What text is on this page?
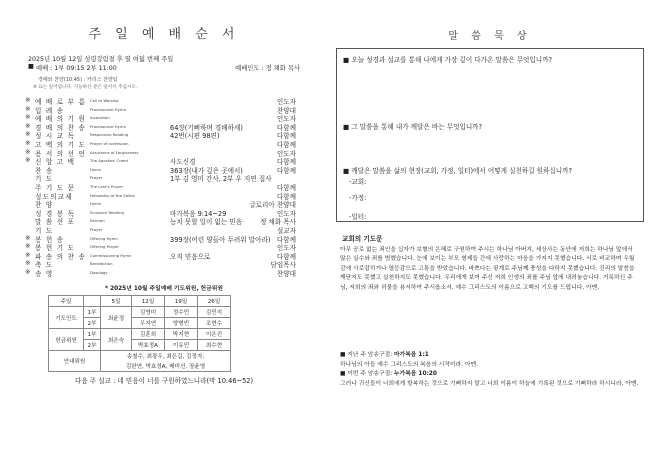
주 일 예 배 순 서
2025년 10월 12일 성령강림절 후 열 여덟 번째 주일
■ 예배 : 1부 09:15 2부 11:00	예배인도 : 정 채화 목사
경배와 찬양(10:45) : 카리스 찬양팀
※ 표는 일어섭니다. 가능하신 분은 일어서 주십시오.
※ 예 배 로 부 름	Call to Worship	인도자
※ 입 례 송	Processional Hymn	찬양대
※ 예 배 의 기 원	Invocation	인도자
※ 경 배 의 찬 송	Processional Hymn	64장(기뻐하며 경배하세)	다함께
※ 성 시 교 독	Responsive Reading	42번(시편 98편)	다함께
※ 고 백 의 기 도	Prayer of confession	다함께
※ 용 서 의 선 언	Assurance of Forgiveness	인도자
※ 신 앙 고 백	The Apostles' Creed	사도신경	다함께
찬 송	Hymn	363장(내가 깊은 곳에서)	다함께
기 도	Prayer	1부 김 영미 간사, 2부 우 지연 집사
주 기 도 문	The Lord's Prayer	다함께
성도의교제	Fellowship of the Saints	다함께
찬 양	Hymn	글로리아 찬양대
성 경 봉 독	Scripture Reading	마가복음 9:14~29	인도자
말 씀 선 포	Sermon	능치 못할 일이 없는 믿음	정 채화 목사
기 도	Prayer	설교자
※ 봉 헌 송	Offering Hymn	399장(어린 양들아 두려워 말아라) 다함께
※ 봉 헌 기 도	Offering Prayer	인도자
※ 파 송 의 찬 송	Commissioning Hymn	오직 믿음으로	다함께
※ 축 도	Benediction	담임목사
※ 송 영	Doxology	찬양대
* 2025년 10월 주일예배 기도위원, 헌금위원
주일		5일	12일	19일	26일
기도인도	1부	최윤정	김영미	정수민	김민지
	2부		우지연	양형빈	조현수
헌금위원	1부	최은숙	김훈희	박지현	이은진
	2부		박효정A	이유민	최수현
안내위원		송철수, 최광우, 최은길, 김정자,			
		김한연, 박효정A, 배미선, 장윤영			
다음 주 설교 : 네 믿음이 너를 구원하였느니라(막 10:46~52)
말 씀 묵 상
■ 오늘 성경과 설교를 통해 나에게 가장 깊이 다가온 말씀은 무엇입니까?
■ 그 말씀을 통해 내가 깨달은 바는 무엇입니까?
■ 깨달은 말씀을 삶의 현장(교회, 가정, 일터)에서 어떻게 실천하길 원하십니까?
-교회:
-가정:
-일터:
교회의 기도문
아무 공로 없는 죄인을 십자가 보혈의 은혜로 구원하여 주시는 하나님 아버지, 세상사는 동안에 저희는 하나님 앞에서 많은 실수와 죄를 범했습니다. 눈에 보이는 부모 형제들 간에 사랑하는 마음을 가지지 못했습니다. 서로 비교하며 우월감에 사로잡히거나 열등감으로 고통을 받았습니다. 바쁘다는 핑계로 주님께 충성을 다하지 못했습니다. 진리의 말씀을 깨닫지도 못했고 실천하지도 못했습니다. 우리에게 보여 주신 저희 인생의 죄를 주님 앞에 내려놓습니다. 거룩하신 주님, 저희의 죄와 허물을 용서하여 주시옵소서. 예수 그리스도의 이름으로 고백의 기도를 드립니다. 아멘.
■ 지난 주 암송구절: 마가복음 1:1
하나님의 아들 예수 그리스도의 복음의 시작이라. 아멘.
■ 이번 주 암송구절: 누가복음 10:20
그러나 귀신들이 너희에게 항복하는 것으로 기뻐하지 말고 너희 이름이 하늘에 기록된 것으로 기뻐하라 하시니라. 아멘.
